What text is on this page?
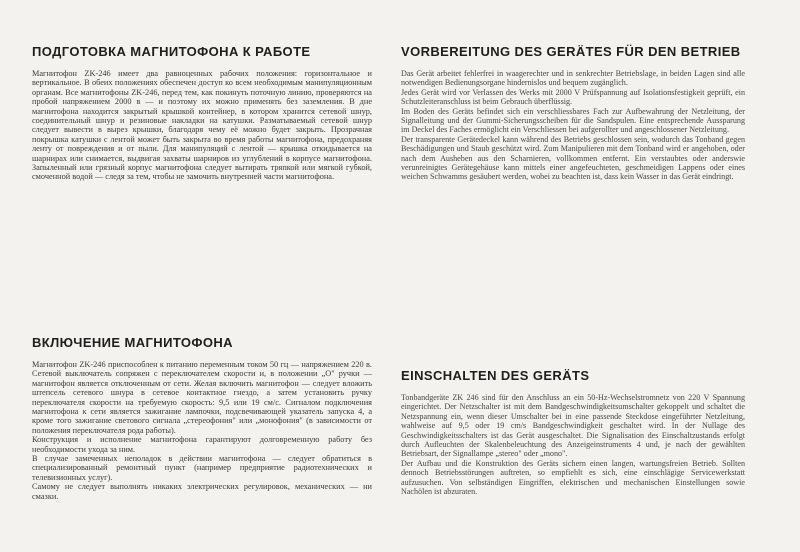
ПОДГОТОВКА МАГНИТОФОНА К РАБОТЕ

Магнитофон ZK-246 имеет два равноценных рабочих положения: горизонтальное и вертикальное. В обеих положениях обеспечен доступ ко всем необходимым манипуляционным органам. Все магнитофоны ZK-246, перед тем, как покинуть поточную линию, проверяются на пробой напряжением 2000 в — и поэтому их можно применять без заземления. В дне магнитофона находится закрытый крышкой контейнер, в котором хранится сетевой шнур, соединительный шнур и резиновые накладки на катушки. Разматываемый сетевой шнур следует вывести в вырез крышки, благодаря чему её можно будет закрыть. Прозрачная покрышка катушки с лентой может быть закрыта во время работы магнитофона, предохраняя ленту от повреждения и от пыли. Для манипуляций с лентой — крышка откидывается на шарнирах или снимается, выдвигая захваты шарниров из углублений в корпусе магнитофона. Запыленный или грязный корпус магнитофона следует вытирать тряпкой или мягкой губкой, смоченной водой — следя за тем, чтобы не замочить внутренней части магнитофона.

ВКЛЮЧЕНИЕ МАГНИТОФОНА

Магнитофон ZK-246 приспособлен к питанию переменным током 50 гц — напряжением 220 в. Сетевой выключатель сопряжен с переключателем скорости и, в положении „О" ручки — магнитофон является отключенным от сети. Желая включить магнитофон — следует вложить штепсель сетевого шнура в сетевое контактное гнездо, а затем установить ручку переключателя скорости на требуемую скорость: 9,5 или 19 см/с. Сигналом подключения магнитофона к сети является зажигание лампочки, подсвечивающей указатель запуска 4, а кроме того зажигание светового сигнала „стереофония" или „монофония" (в зависимости от положения переключателя рода работы).

Конструкция и исполнение магнитофона гарантируют долговременную работу без необходимости ухода за ним.

В случае замеченных неполадок в действии магнитофона — следует обратиться в специализированный ремонтный пункт (например предприятие радиотехнических и телевизионных услуг).

Самому не следует выполнять никаких электрических регулировок, механических — ни смазки.

VORBEREITUNG DES GERÄTES FÜR DEN BETRIEB

Das Gerät arbeitet fehlerfrei in waagerechter und in senkrechter Betriebslage, in beiden Lagen sind alle notwendigen Bedienungsorgane hindernislos und bequem zugänglich.

Jedes Gerät wird vor Verlassen des Werks mit 2000 V Prüfspannung auf Isolationsfestigkeit geprüft, ein Schutzleiteranschluss ist beim Gebrauch überflüssig.

Im Boden des Geräts befindet sich ein verschliessbares Fach zur Aufbewahrung der Netzleitung, der Signalleitung und der Gummi-Sicherungsscheiben für die Sandspulen. Eine entsprechende Aussparung im Deckel des Faches ermöglicht ein Verschliessen bei aufgerollter und angeschlossener Netzleitung.

Der transparente Gerätedeckel kann während des Betriebs geschlossen sein, wodurch das Tonband gegen Beschädigungen und Staub geschützt wird. Zum Manipulieren mit dem Tonband wird er angehoben, oder nach dem Ausheben aus den Scharnieren, vollkommen entfernt. Ein verstaubtes oder anderswie verunreinigtes Gerätegehäuse kann mittels einer angefeuchteten, geschmeidigen Lappens oder eines weichen Schwamms gesäubert werden, wobei zu beachten ist, dass kein Wasser in das Gerät eindringt.

EINSCHALTEN DES GERÄTS

Tonbandgeräte ZK 246 sind für den Anschluss an ein 50-Hz-Wechselstromnetz von 220 V Spannung eingerichtet. Der Netzschalter ist mit dem Bandgeschwindigkeitsumschalter gekoppelt und schaltet die Netzspannung ein, wenn dieser Umschalter bei in eine passende Steckdose eingeführter Netzleitung, wahlweise auf 9,5 oder 19 cm/s Bandgeschwindigkeit geschaltet wird. In der Nullage des Geschwindigkeitsschalters ist das Gerät ausgeschaltet. Die Signalisation des Einschaltzustands erfolgt durch Aufleuchten der Skalenbeleuchtung des Anzeigeinstruments 4 und, je nach der gewählten Betriebsart, der Signallampe „stereo" oder „mono".

Der Aufbau und die Konstruktion des Geräts sichern einen langen, wartungsfreien Betrieb. Sollten dennoch Betriebsstörungen auftreten, so empfiehlt es sich, eine einschlägige Servicewerkstatt aufzusuchen. Von selbständigen Eingriffen, elektrischen und mechanischen Einstellungen sowie Nachölen ist abzuraten.
